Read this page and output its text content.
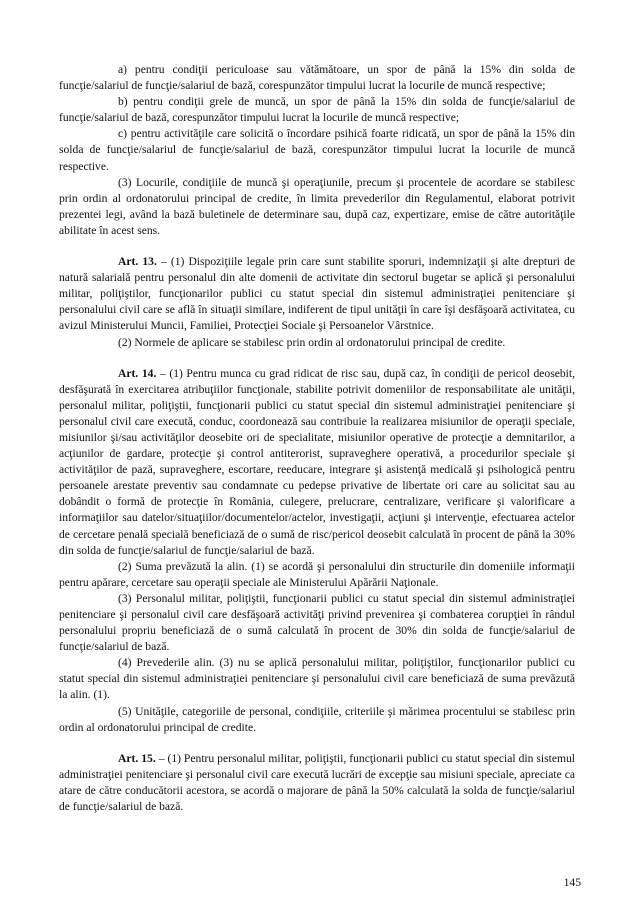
a) pentru condiţii periculoase sau vătămătoare, un spor de până la 15% din solda de funcţie/salariul de funcţie/salariul de bază, corespunzător timpului lucrat la locurile de muncă respective;

b) pentru condiţii grele de muncă, un spor de până la 15% din solda de funcţie/salariul de funcţie/salariul de bază, corespunzător timpului lucrat la locurile de muncă respective;

c) pentru activităţile care solicită o încordare psihică foarte ridicată, un spor de până la 15% din solda de funcţie/salariul de funcţie/salariul de bază, corespunzător timpului lucrat la locurile de muncă respective.

(3) Locurile, condiţiile de muncă şi operaţiunile, precum şi procentele de acordare se stabilesc prin ordin al ordonatorului principal de credite, în limita prevederilor din Regulamentul, elaborat potrivit prezentei legi, având la bază buletinele de determinare sau, după caz, expertizare, emise de către autorităţile abilitate în acest sens.

Art. 13. – (1) Dispoziţiile legale prin care sunt stabilite sporuri, indemnizaţii şi alte drepturi de natură salarială pentru personalul din alte domenii de activitate din sectorul bugetar se aplică şi personalului militar, poliţiştilor, funcţionarilor publici cu statut special din sistemul administraţiei penitenciare şi personalului civil care se află în situaţii similare, indiferent de tipul unităţii în care îşi desfăşoară activitatea, cu avizul Ministerului Muncii, Familiei, Protecţiei Sociale şi Persoanelor Vârstnice.

(2) Normele de aplicare se stabilesc prin ordin al ordonatorului principal de credite.

Art. 14. – (1) Pentru munca cu grad ridicat de risc sau, după caz, în condiţii de pericol deosebit, desfăşurată în exercitarea atribuţiilor funcţionale, stabilite potrivit domeniilor de responsabilitate ale unităţii, personalul militar, poliţiştii, funcţionarii publici cu statut special din sistemul administraţiei penitenciare şi personalul civil care execută, conduc, coordonează sau contribuie la realizarea misiunilor de operaţii speciale, misiunilor şi/sau activităţilor deosebite ori de specialitate, misiunilor operative de protecţie a demnitarilor, a acţiunilor de gardare, protecţie şi control antiterorist, supraveghere operativă, a procedurilor speciale şi activităţilor de pază, supraveghere, escortare, reeducare, integrare şi asistenţă medicală şi psihologică pentru persoanele arestate preventiv sau condamnate cu pedepse privative de libertate ori care au solicitat sau au dobândit o formă de protecţie în România, culegere, prelucrare, centralizare, verificare şi valorificare a informaţiilor sau datelor/situaţiilor/documentelor/actelor, investigaţii, acţiuni şi intervenţie, efectuarea actelor de cercetare penală specială beneficiază de o sumă de risc/pericol deosebit calculată în procent de până la 30% din solda de funcţie/salariul de funcţie/salariul de bază.

(2) Suma prevăzută la alin. (1) se acordă şi personalului din structurile din domeniile informaţii pentru apărare, cercetare sau operaţii speciale ale Ministerului Apărării Naţionale.

(3) Personalul militar, poliţiştii, funcţionarii publici cu statut special din sistemul administraţiei penitenciare şi personalul civil care desfăşoară activităţi privind prevenirea şi combaterea corupţiei în rândul personalului propriu beneficiază de o sumă calculată în procent de 30% din solda de funcţie/salariul de funcţie/salariul de bază.

(4) Prevederile alin. (3) nu se aplică personalului militar, poliţiştilor, funcţionarilor publici cu statut special din sistemul administraţiei penitenciare şi personalului civil care beneficiază de suma prevăzută la alin. (1).

(5) Unităţile, categoriile de personal, condiţiile, criteriile şi mărimea procentului se stabilesc prin ordin al ordonatorului principal de credite.

Art. 15. – (1) Pentru personalul militar, poliţiştii, funcţionarii publici cu statut special din sistemul administraţiei penitenciare şi personalul civil care execută lucrări de excepţie sau misiuni speciale, apreciate ca atare de către conducătorii acestora, se acordă o majorare de până la 50% calculată la solda de funcţie/salariul de funcţie/salariul de bază.

145
